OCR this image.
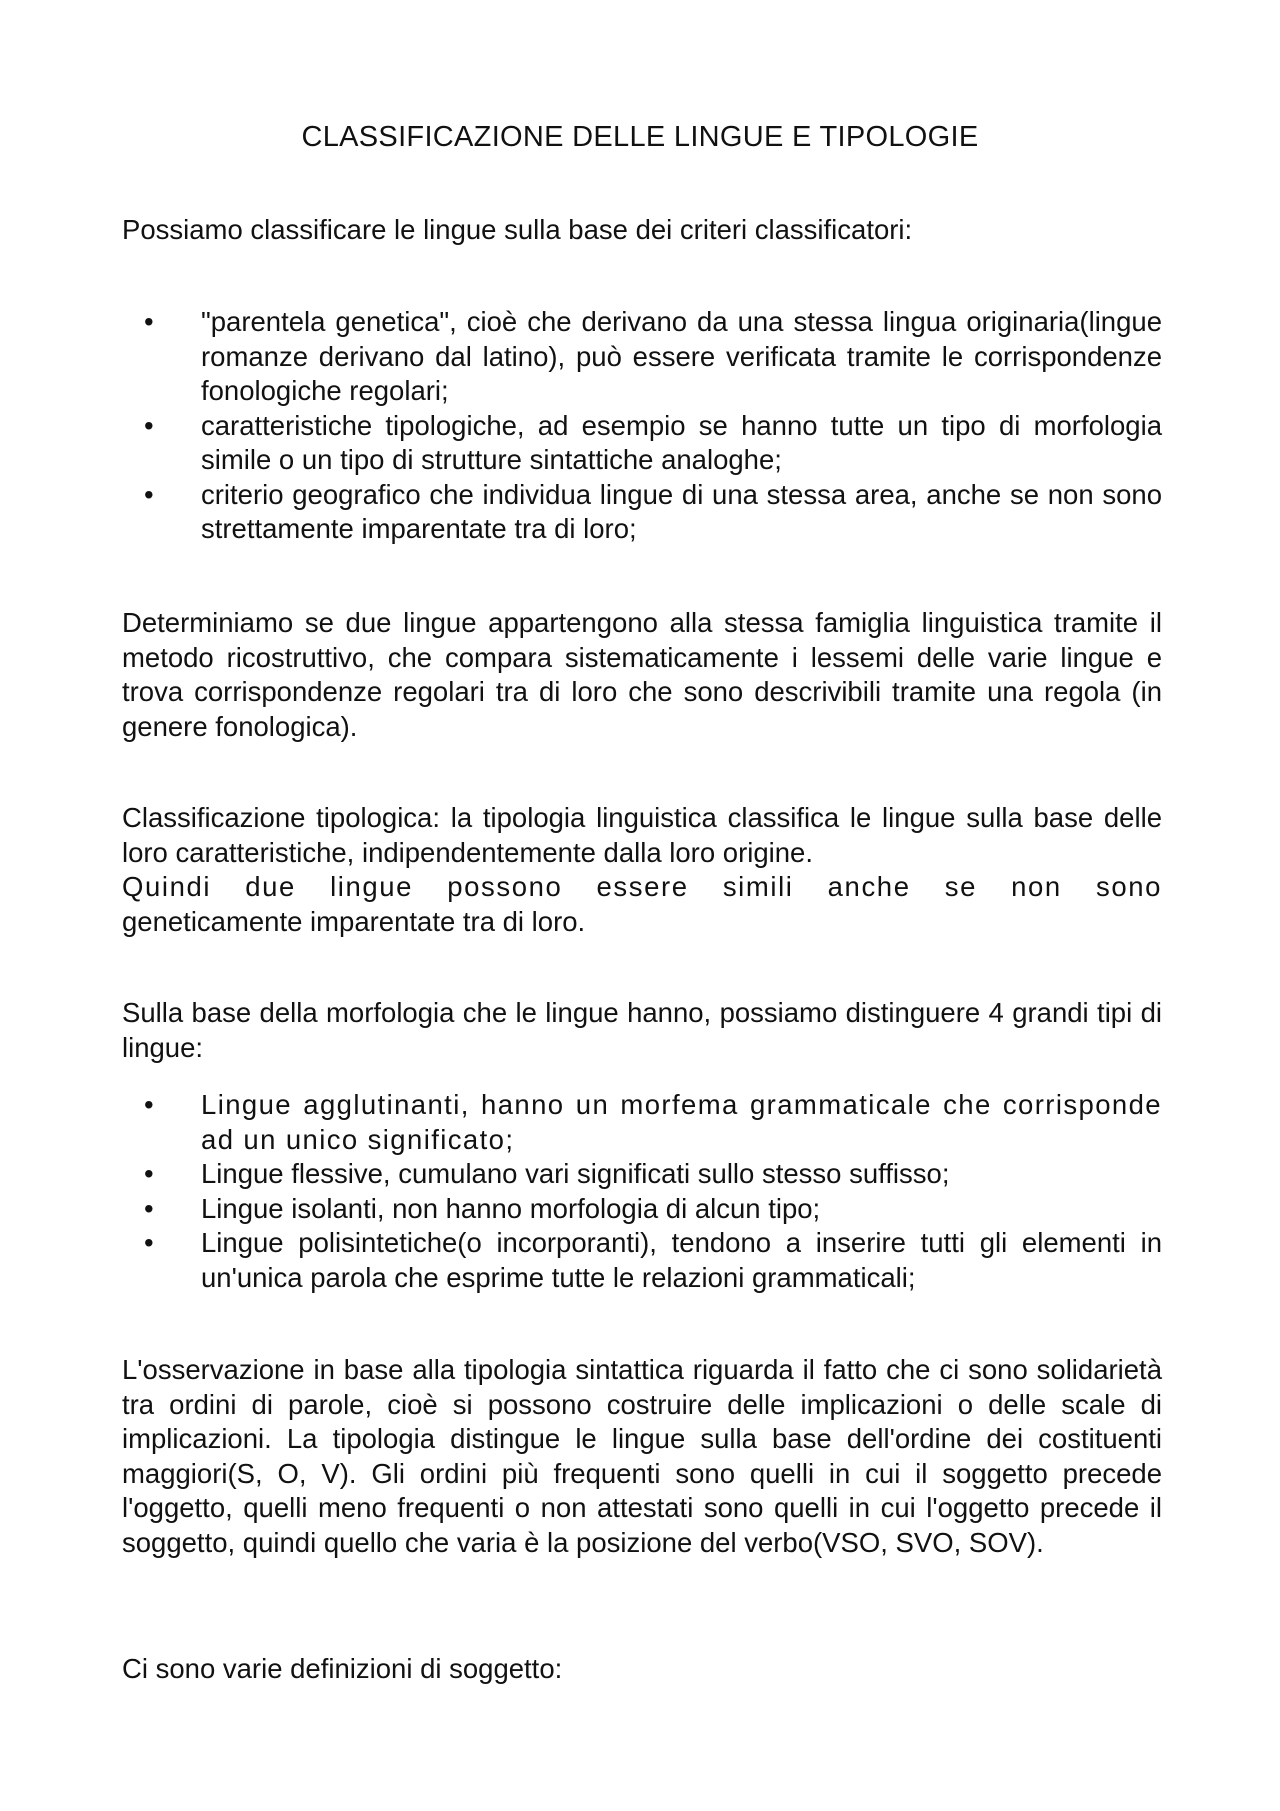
CLASSIFICAZIONE DELLE LINGUE E TIPOLOGIE
Possiamo classificare le lingue sulla base dei criteri classificatori:
• "parentela genetica", cioè che derivano da una stessa lingua originaria(lingue romanze derivano dal latino), può essere verificata tramite le corrispondenze fonologiche regolari;
• caratteristiche tipologiche, ad esempio se hanno tutte un tipo di morfologia simile o un tipo di strutture sintattiche analoghe;
• criterio geografico che individua lingue di una stessa area, anche se non sono strettamente imparentate tra di loro;
Determiniamo se due lingue appartengono alla stessa famiglia linguistica tramite il metodo ricostruttivo, che compara sistematicamente i lessemi delle varie lingue e trova corrispondenze regolari tra di loro che sono descrivibili tramite una regola (in genere fonologica).

Classificazione tipologica: la tipologia linguistica classifica le lingue sulla base delle loro caratteristiche, indipendentemente dalla loro origine.

Quindi due lingue possono essere simili anche se non sono

geneticamente imparentate tra di loro.

Sulla base della morfologia che le lingue hanno, possiamo distinguere 4 grandi tipi di lingue:
• Lingue agglutinanti, hanno un morfema grammaticale che corrisponde ad un unico significato;
• Lingue flessive, cumulano vari significati sullo stesso suffisso;
• Lingue isolanti, non hanno morfologia di alcun tipo;
• Lingue polisintetiche(o incorporanti), tendono a inserire tutti gli elementi in un'unica parola che esprime tutte le relazioni grammaticali;
L'osservazione in base alla tipologia sintattica riguarda il fatto che ci sono solidarietà tra ordini di parole, cioè si possono costruire delle implicazioni o delle scale di implicazioni. La tipologia distingue le lingue sulla base dell'ordine dei costituenti maggiori(S, O, V). Gli ordini più frequenti sono quelli in cui il soggetto precede l'oggetto, quelli meno frequenti o non attestati sono quelli in cui l'oggetto precede il soggetto, quindi quello che varia è la posizione del verbo(VSO, SVO, SOV).
Ci sono varie definizioni di soggetto:
